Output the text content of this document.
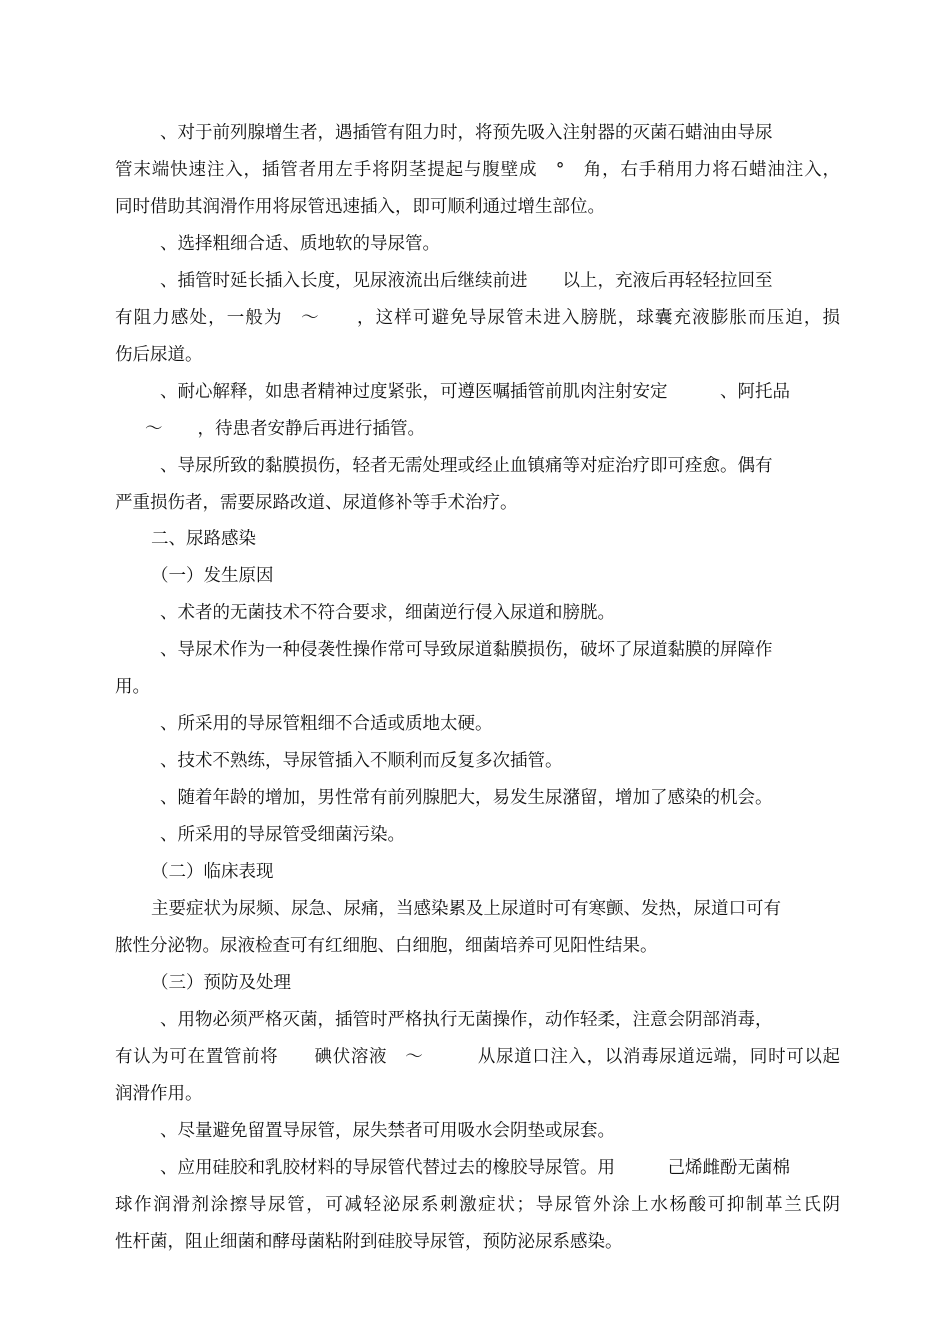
、对于前列腺增生者，遇插管有阻力时，将预先吸入注射器的灭菌石蜡油由导尿
管末端快速注入，插管者用左手将阴茎提起与腹壁成　°　角，右手稍用力将石蜡油注入，
同时借助其润滑作用将尿管迅速插入，即可顺利通过增生部位。
、选择粗细合适、质地软的导尿管。
、插管时延长插入长度，见尿液流出后继续前进　　以上，充液后再轻轻拉回至
有阻力感处，一般为　～　　，这样可避免导尿管未进入膀胱，球囊充液膨胀而压迫，损
伤后尿道。
、耐心解释，如患者精神过度紧张，可遵医嘱插管前肌肉注射安定　　　、阿托品
～　　，待患者安静后再进行插管。
、导尿所致的黏膜损伤，轻者无需处理或经止血镇痛等对症治疗即可痊愈。偶有
严重损伤者，需要尿路改道、尿道修补等手术治疗。
二、尿路感染
（一）发生原因
、术者的无菌技术不符合要求，细菌逆行侵入尿道和膀胱。
、导尿术作为一种侵袭性操作常可导致尿道黏膜损伤，破坏了尿道黏膜的屏障作
用。
、所采用的导尿管粗细不合适或质地太硬。
、技术不熟练，导尿管插入不顺利而反复多次插管。
、随着年龄的增加，男性常有前列腺肥大，易发生尿潴留，增加了感染的机会。
、所采用的导尿管受细菌污染。
（二）临床表现
主要症状为尿频、尿急、尿痛，当感染累及上尿道时可有寒颤、发热，尿道口可有
脓性分泌物。尿液检查可有红细胞、白细胞，细菌培养可见阳性结果。
（三）预防及处理
、用物必须严格灭菌，插管时严格执行无菌操作，动作轻柔，注意会阴部消毒，
有认为可在置管前将　　碘伏溶液　～　　　从尿道口注入，以消毒尿道远端，同时可以起
润滑作用。
、尽量避免留置导尿管，尿失禁者可用吸水会阴垫或尿套。
、应用硅胶和乳胶材料的导尿管代替过去的橡胶导尿管。用　　　己烯雌酚无菌棉
球作润滑剂涂擦导尿管，可减轻泌尿系刺激症状；导尿管外涂上水杨酸可抑制革兰氏阴
性杆菌，阻止细菌和酵母菌粘附到硅胶导尿管，预防泌尿系感染。
